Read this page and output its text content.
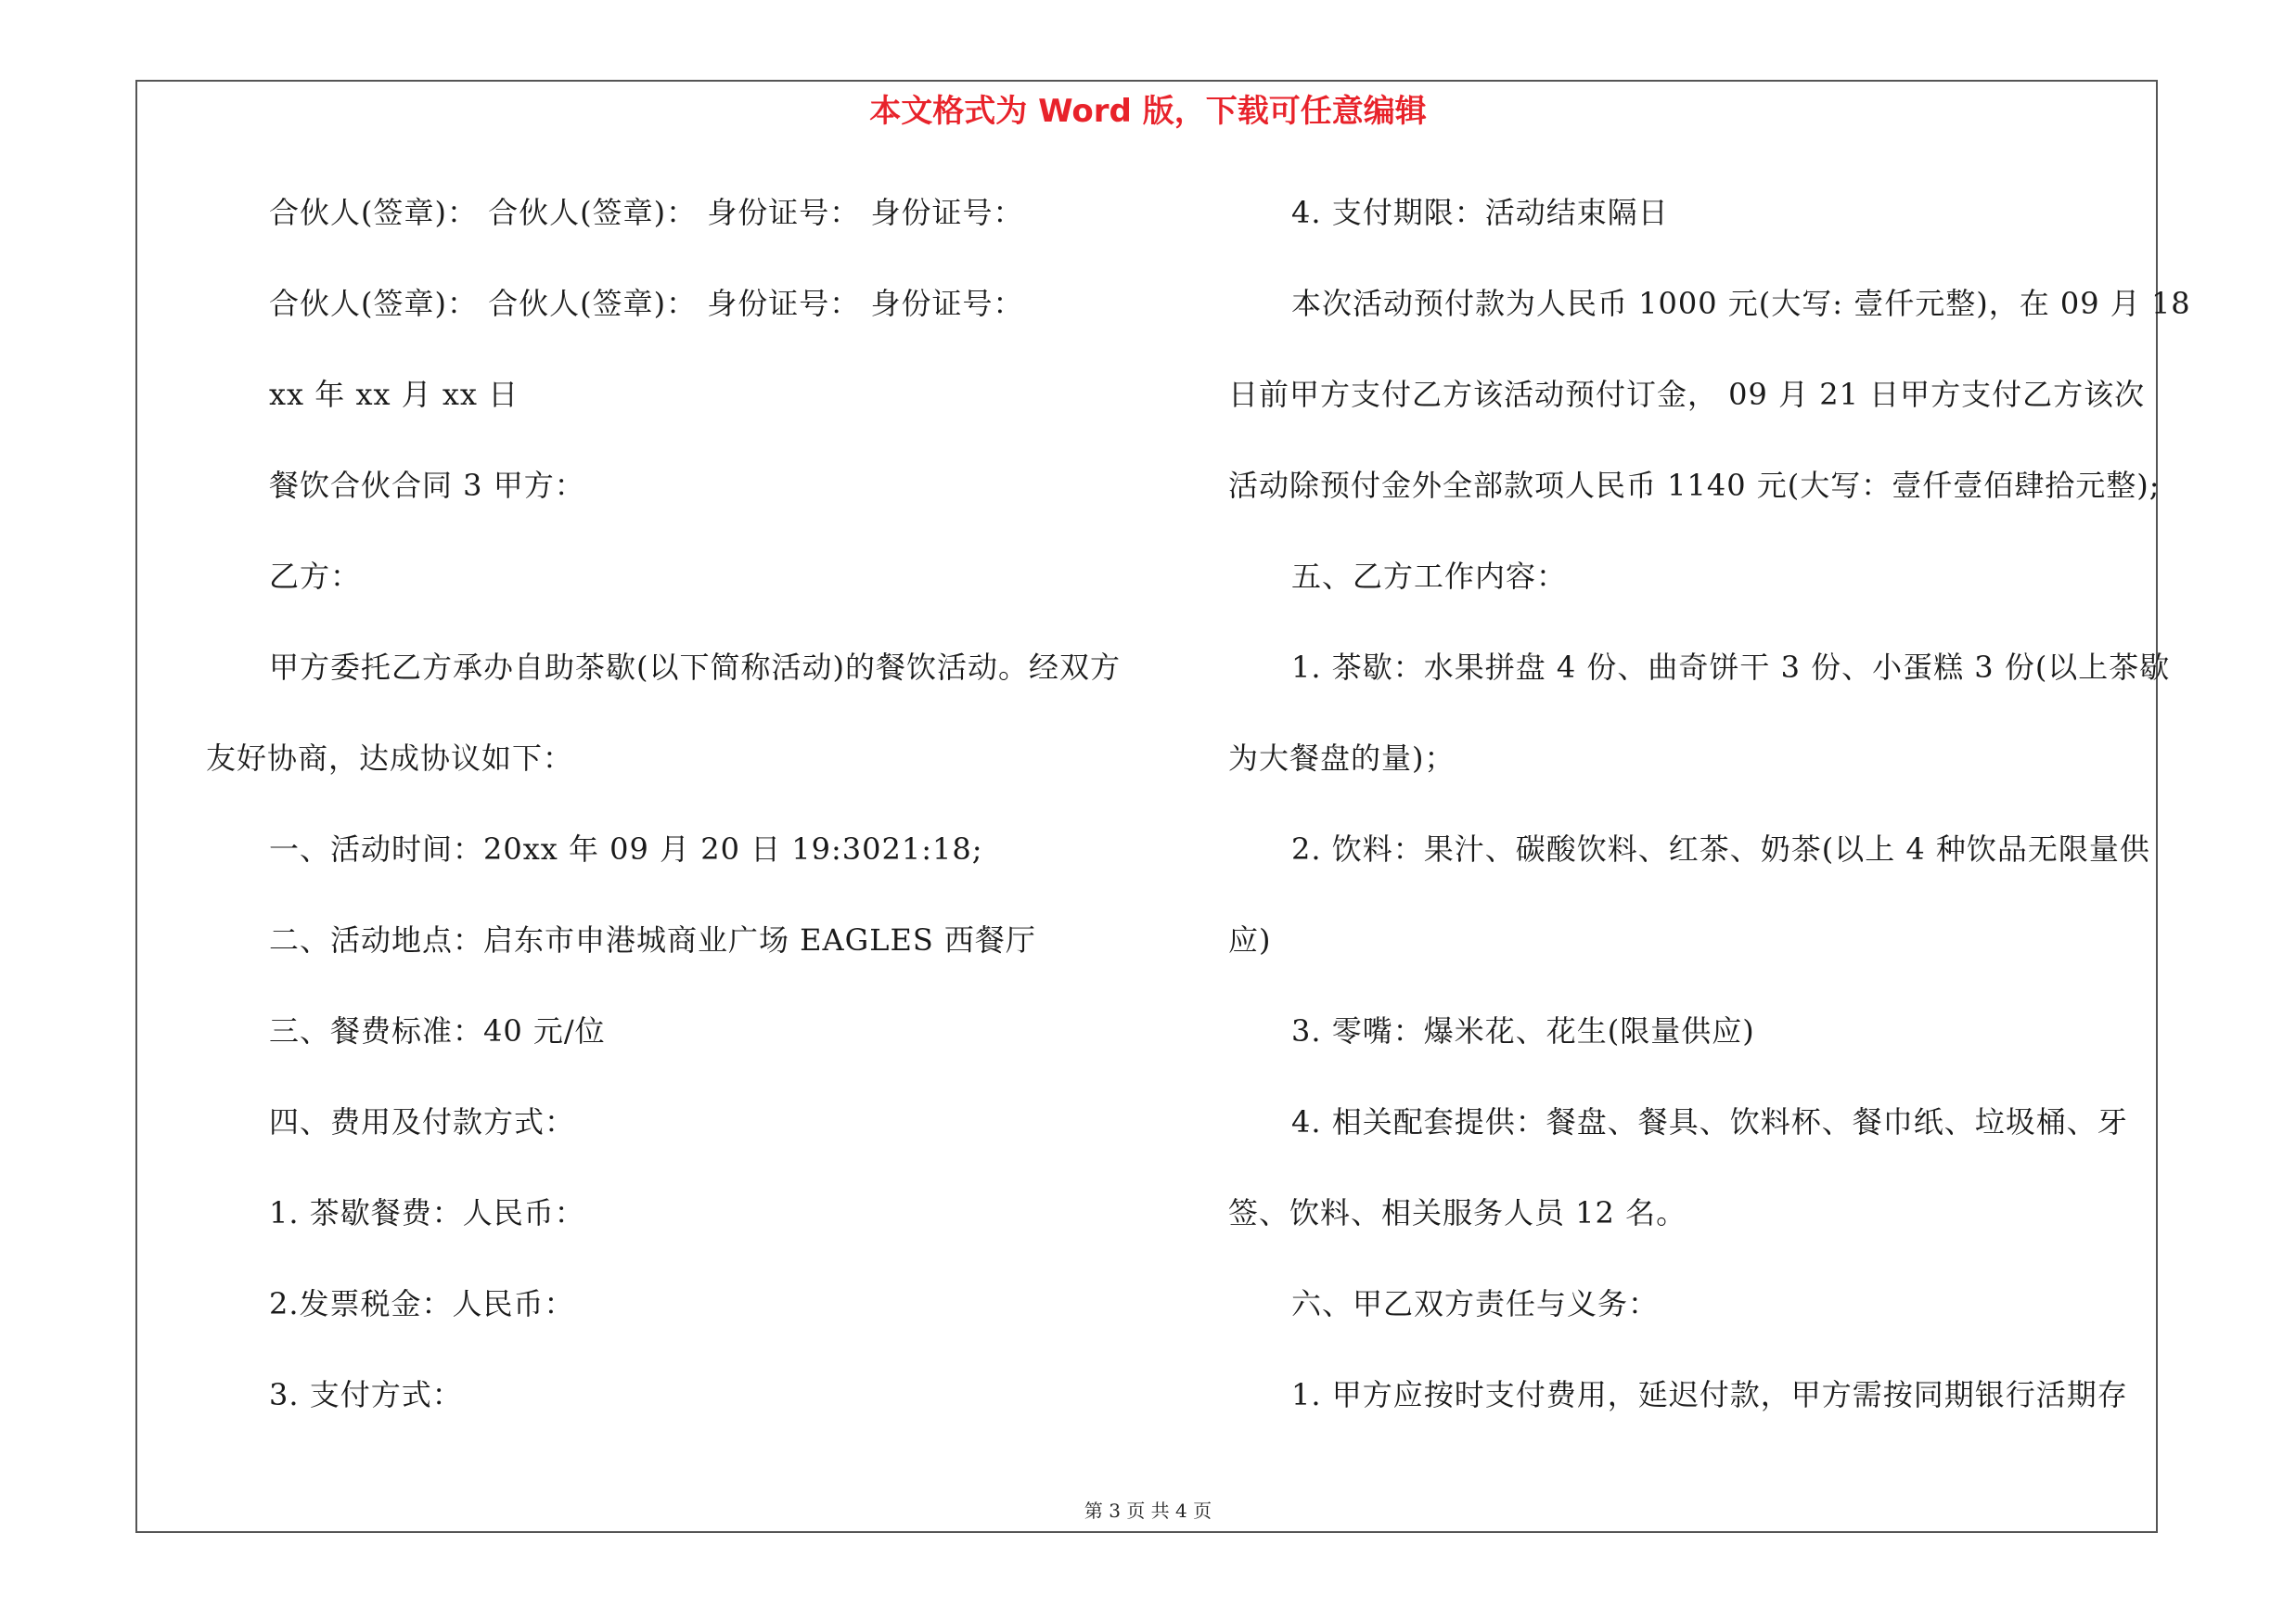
本文格式为 Word 版，下载可任意编辑
合伙人(签章)： 合伙人(签章)： 身份证号： 身份证号：
合伙人(签章)： 合伙人(签章)： 身份证号： 身份证号：
xx 年 xx 月 xx 日
餐饮合伙合同 3 甲方：
乙方：
甲方委托乙方承办自助茶歇(以下简称活动)的餐饮活动。经双方
友好协商，达成协议如下：
一、活动时间：20xx 年 09 月 20 日 19:3021:18;
二、活动地点：启东市申港城商业广场 EAGLES 西餐厅
三、餐费标准：40 元/位
四、费用及付款方式：
1. 茶歇餐费：人民币：
2.发票税金：人民币：
3. 支付方式：
4. 支付期限：活动结束隔日
本次活动预付款为人民币 1000 元(大写: 壹仟元整)，在 09 月 18
日前甲方支付乙方该活动预付订金， 09 月 21 日甲方支付乙方该次
活动除预付金外全部款项人民币 1140 元(大写：壹仟壹佰肆拾元整);
五、乙方工作内容：
1. 茶歇：水果拼盘 4 份、曲奇饼干 3 份、小蛋糕 3 份(以上茶歇
为大餐盘的量)；
2. 饮料：果汁、碳酸饮料、红茶、奶茶(以上 4 种饮品无限量供
应)
3. 零嘴：爆米花、花生(限量供应)
4. 相关配套提供：餐盘、餐具、饮料杯、餐巾纸、垃圾桶、牙
签、饮料、相关服务人员 12 名。
六、甲乙双方责任与义务：
1. 甲方应按时支付费用，延迟付款，甲方需按同期银行活期存
第 3 页 共 4 页
